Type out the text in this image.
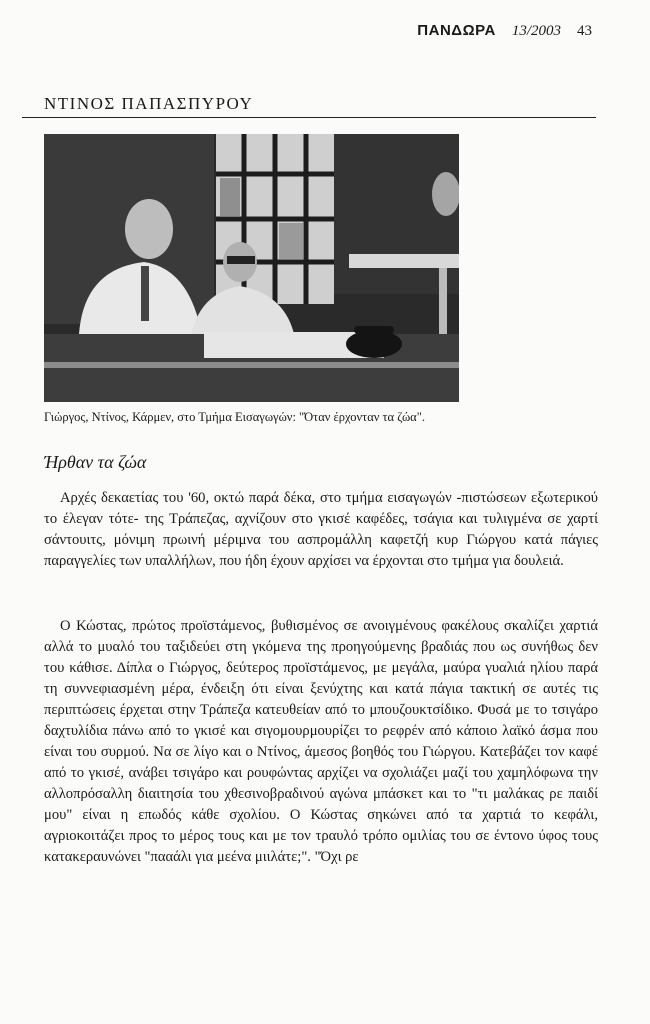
ΠΑΝΔΩΡΑ 13/2003 43
ΝΤΙΝΟΣ ΠΑΠΑΣΠΥΡΟΥ
Γιώργος, Ντίνος, Κάρμεν, στο Τμήμα Εισαγωγών: "Όταν έρχονταν τα ζώα".
Ήρθαν τα ζώα

Αρχές δεκαετίας του '60, οκτώ παρά δέκα, στο τμήμα εισαγωγών -πιστώσεων εξωτερικού το έλεγαν τότε- της Τράπεζας, αχνίζουν στο γκισέ καφέδες, τσάγια και τυλιγμένα σε χαρτί σάντουιτς, μόνιμη πρωινή μέριμνα του ασπρομάλλη καφετζή κυρ Γιώργου κατά πάγιες παραγγελίες των υπαλλήλων, που ήδη έχουν αρχίσει να έρχονται στο τμήμα για δουλειά.

Ο Κώστας, πρώτος προϊστάμενος, βυθισμένος σε ανοιγμένους φακέλους σκαλίζει χαρτιά αλλά το μυαλό του ταξιδεύει στη γκόμενα της προηγούμενης βραδιάς που ως συνήθως δεν του κάθισε. Δίπλα ο Γιώργος, δεύτερος προϊστάμενος, με μεγάλα, μαύρα γυαλιά ηλίου παρά τη συννεφιασμένη μέρα, ένδειξη ότι είναι ξενύχτης και κατά πάγια τακτική σε αυτές τις περιπτώσεις έρχεται στην Τράπεζα κατευθείαν από το μπουζουκτσίδικο. Φυσά με το τσιγάρο δαχτυλίδια πάνω από το γκισέ και σιγομουρμουρίζει το ρεφρέν από κάποιο λαϊκό άσμα που είναι του συρμού. Να σε λίγο και ο Ντίνος, άμεσος βοηθός του Γιώργου. Κατεβάζει τον καφέ από το γκισέ, ανάβει τσιγάρο και ρουφώντας αρχίζει να σχολιάζει μαζί του χαμηλόφωνα την αλλοπρόσαλλη διαιτησία του χθεσινοβραδινού αγώνα μπάσκετ και το "τι μαλάκας ρε παιδί μου" είναι η επωδός κάθε σχολίου. Ο Κώστας σηκώνει από τα χαρτιά το κεφάλι, αγριοκοιτάζει προς το μέρος τους και με τον τραυλό τρόπο ομιλίας του σε έντονο ύφος τους κατακεραυνώνει "πααάλι για μεένα μιιλάτε;". "Όχι ρε
